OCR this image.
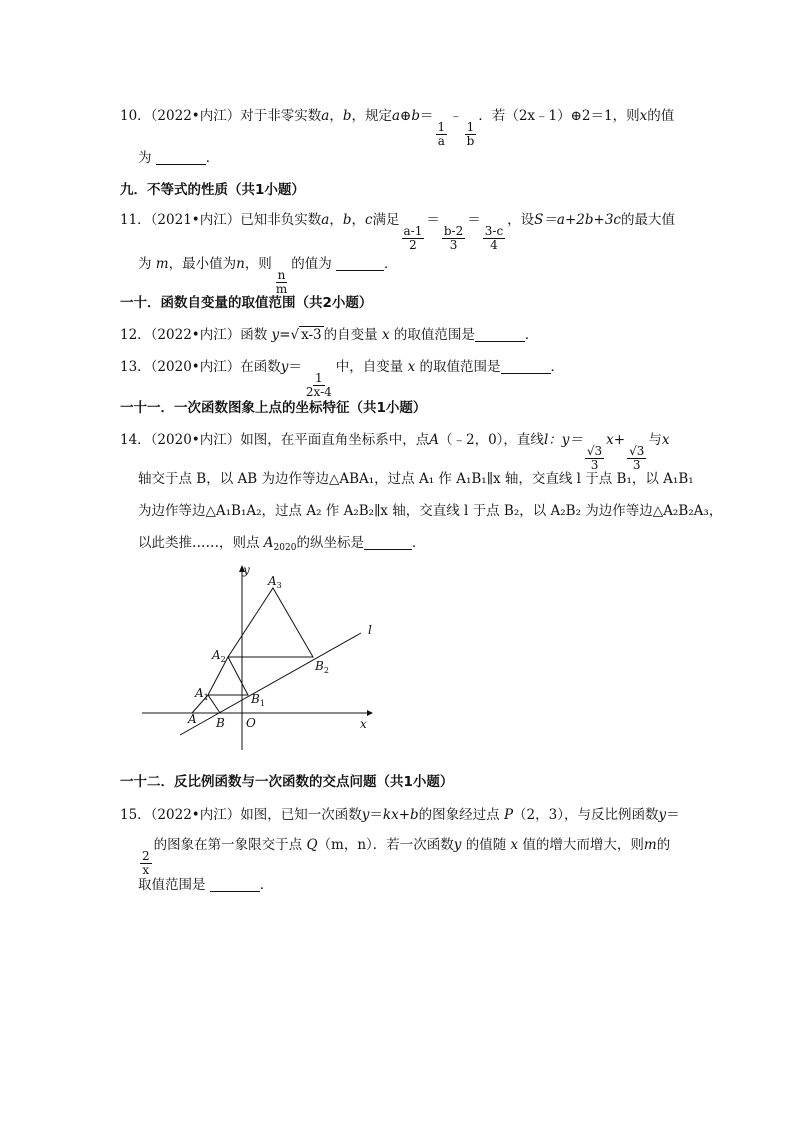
10．（2022•内江）对于非零实数a，b，规定a⊕b＝
$\frac{1}{a}$
﹣
$\frac{1}{b}$
．若（2x﹣1）⊕2＝1，则x的值
为	．
九．不等式的性质（共1小题）
11．（2021•内江）已知非负实数a，b，c满足
$\frac{a-1}{2}$
＝
$\frac{b-2}{3}$
＝
$\frac{3-c}{4}$
，设S＝a+2b+3c的最大值
为 m，最小值为n，则
$\frac{n}{m}$
的值为	．
一十．函数自变量的取值范围（共2小题）
12．（2022•内江）函数 y=√ x-3 的自变量 x 的取值范围是	．
13．（2020•内江）在函数y＝
$\frac{1}{2x-4}$
中，自变量 x 的取值范围是	．
一十一．一次函数图象上点的坐标特征（共1小题）
14．（2020•内江）如图，在平面直角坐标系中，点A（﹣2，0），直线l：y＝
$\frac{√3}{3}$
x+
$\frac{√3}{3}$
与x
轴交于点 B，以 AB 为边作等边△ABA₁，过点 A₁ 作 A₁B₁∥x 轴，交直线 l 于点 B₁，以 A₁B₁
为边作等边△A₁B₁A₂，过点 A₂ 作 A₂B₂∥x 轴，交直线 l 于点 B₂，以 A₂B₂ 为边作等边△A₂B₂A₃，
以此类推……，则点 $A_{2020}$的纵坐标是	．
y
x
l
O
A B
$A_1$	$B_1$
$A_2$	$B_2$
$A_3$
一十二．反比例函数与一次函数的交点问题（共1小题）
15．（2022•内江）如图，已知一次函数y＝kx+b的图象经过点 P（2，3），与反比例函数y＝
$\frac{2}{x}$
的图象在第一象限交于点 Q（m，n）．若一次函数y 的值随 x 值的增大而增大，则m的
取值范围是	．
